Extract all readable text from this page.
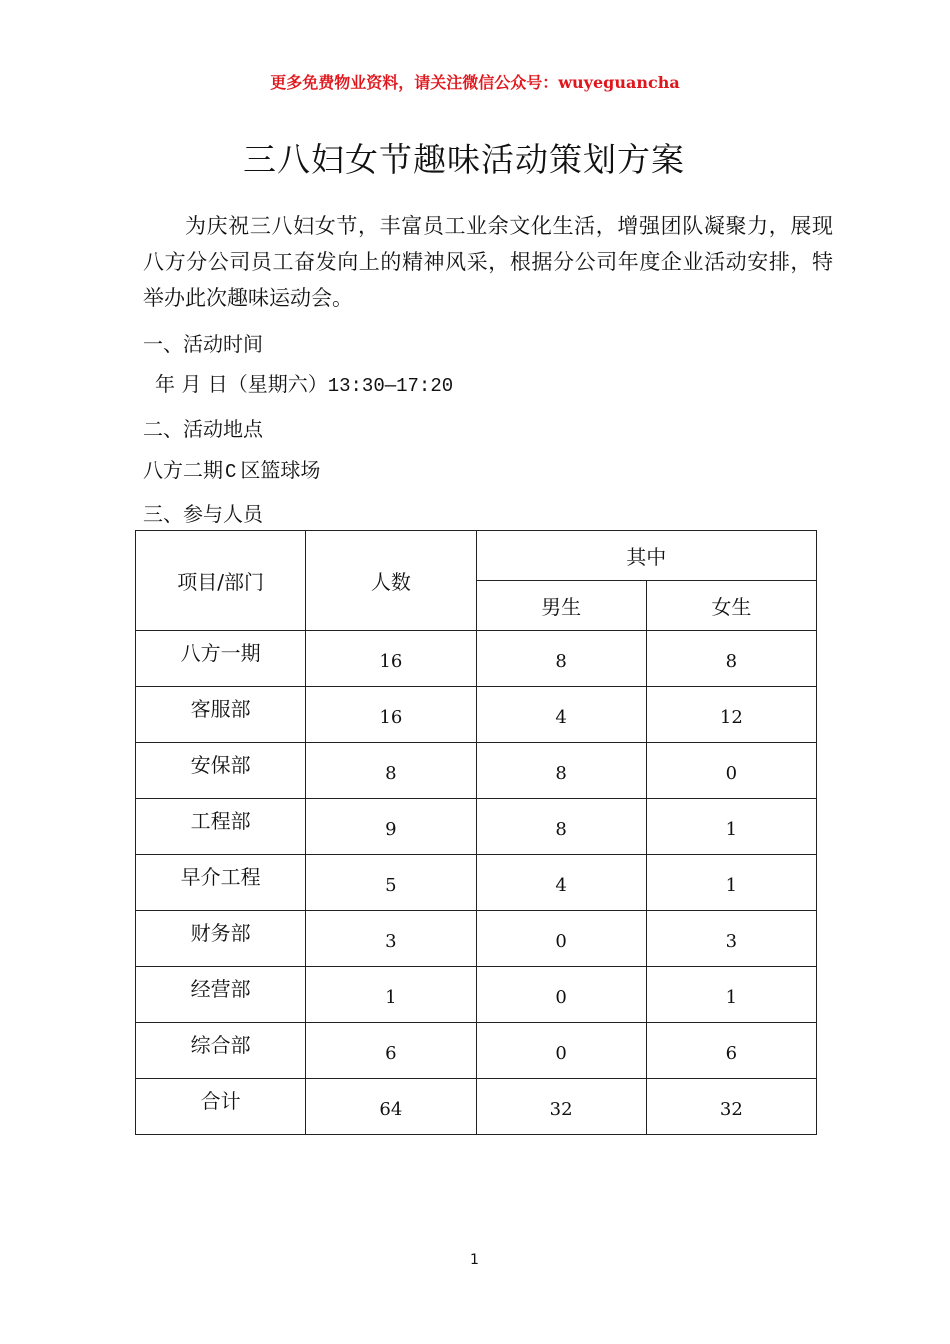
更多免费物业资料，请关注微信公众号：wuyeguancha
三八妇女节趣味活动策划方案
为庆祝三八妇女节，丰富员工业余文化生活，增强团队凝聚力，展现八方分公司员工奋发向上的精神风采，根据分公司年度企业活动安排，特举办此次趣味运动会。
一、活动时间
年 月 日（星期六）13:30—17:20
二、活动地点
八方二期 C 区篮球场
三、参与人员
项目/部门	人数	其中	
		男生	女生
八方一期	16	8	8
客服部	16	4	12
安保部	8	8	0
工程部	9	8	1
早介工程	5	4	1
财务部	3	0	3
经营部	1	0	1
综合部	6	0	6
合计	64	32	32
1
